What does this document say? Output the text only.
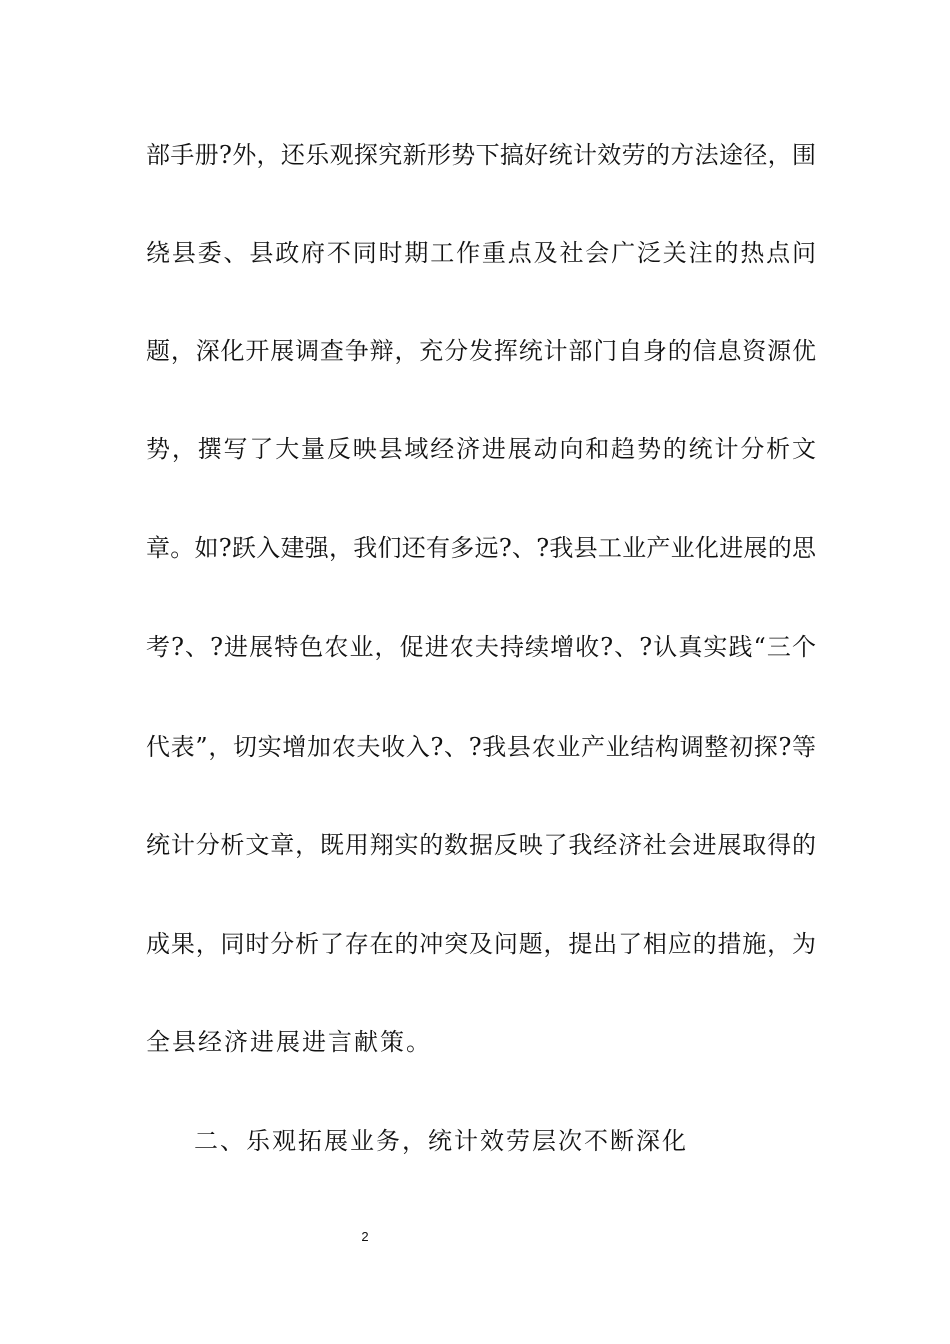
部手册?外，还乐观探究新形势下搞好统计效劳的方法途径，围
绕县委、县政府不同时期工作重点及社会广泛关注的热点问
题，深化开展调查争辩，充分发挥统计部门自身的信息资源优
势，撰写了大量反映县域经济进展动向和趋势的统计分析文
章。如?跃入建强，我们还有多远?、?我县工业产业化进展的思
考?、?进展特色农业，促进农夫持续增收?、?认真实践“三个
代表”，切实增加农夫收入?、?我县农业产业结构调整初探?等
统计分析文章，既用翔实的数据反映了我经济社会进展取得的
成果，同时分析了存在的冲突及问题，提出了相应的措施，为
全县经济进展进言献策。
二、乐观拓展业务，统计效劳层次不断深化
2
